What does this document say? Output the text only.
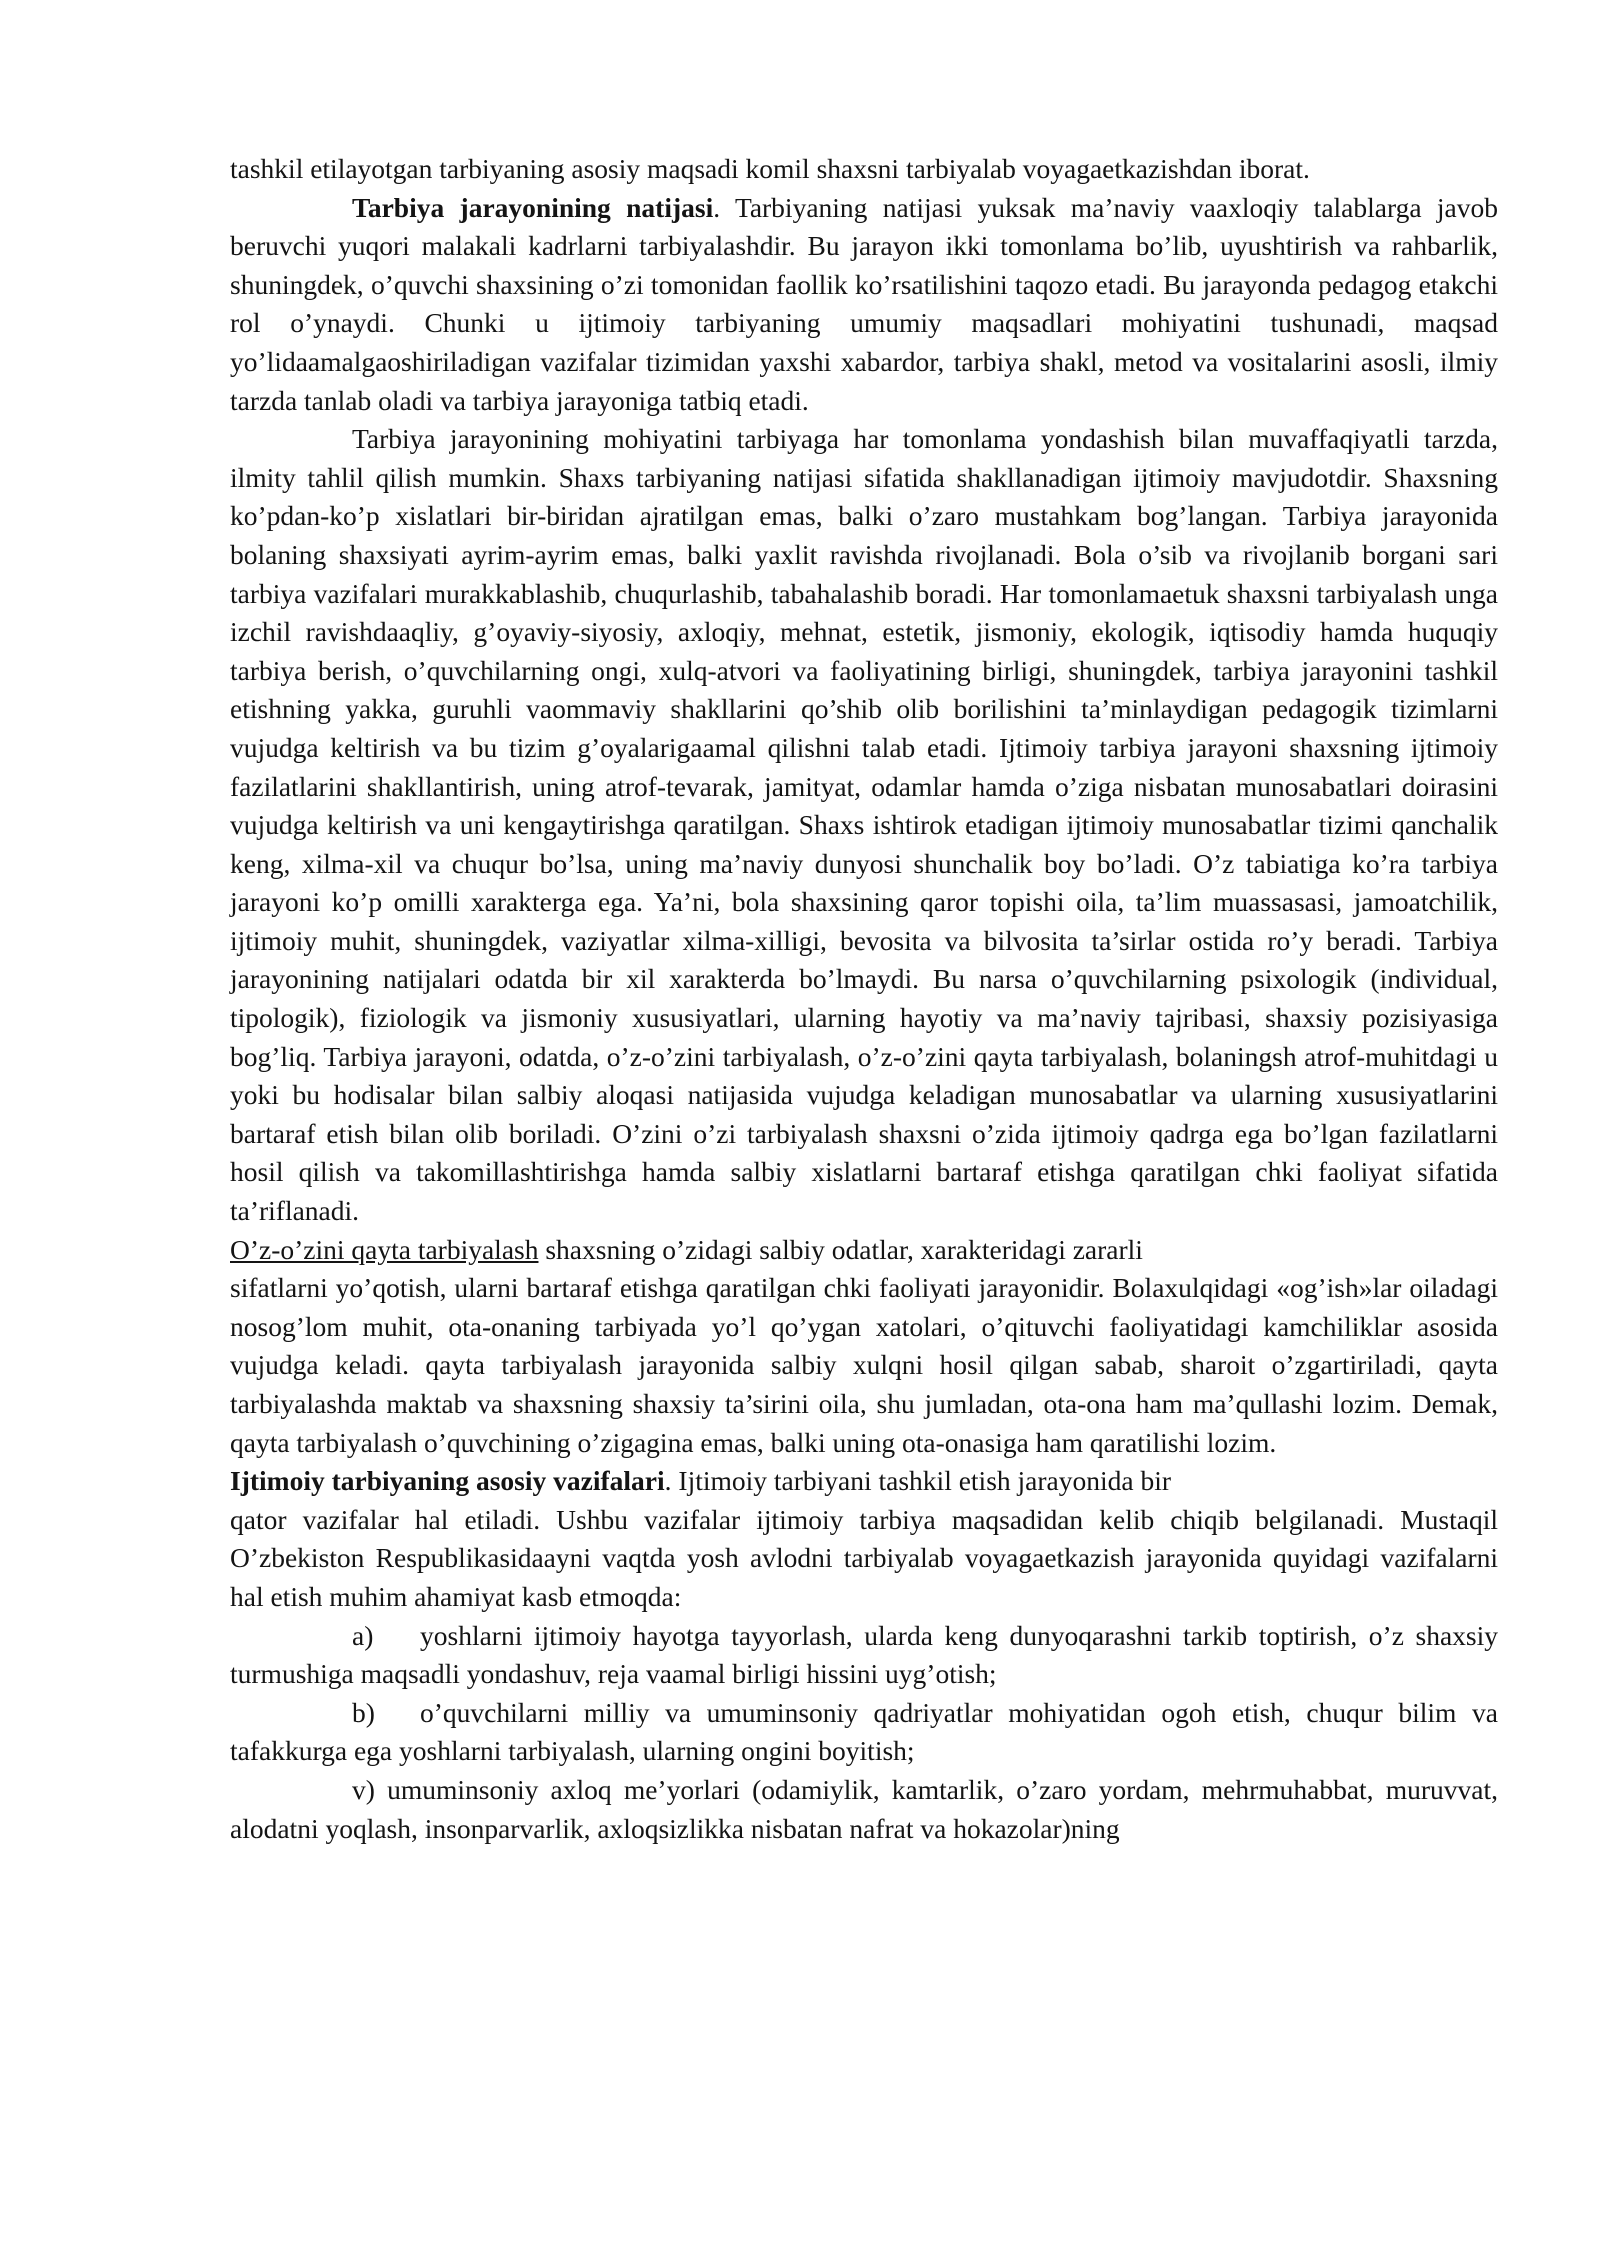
tashkil etilayotgan tarbiyaning asosiy maqsadi komil shaxsni tarbiyalab voyagaetkazishdan iborat.

Tarbiya jarayonining natijasi. Tarbiyaning natijasi yuksak ma’naviy vaaxloqiy talablarga javob beruvchi yuqori malakali kadrlarni tarbiyalashdir. Bu jarayon ikki tomonlama bo’lib, uyushtirish va rahbarlik, shuningdek, o’quvchi shaxsining o’zi tomonidan faollik ko’rsatilishini taqozo etadi. Bu jarayonda pedagog etakchi rol o’ynaydi. Chunki u ijtimoiy tarbiyaning umumiy maqsadlari mohiyatini tushunadi, maqsad yo’lidaamalgaoshiriladigan vazifalar tizimidan yaxshi xabardor, tarbiya shakl, metod va vositalarini asosli, ilmiy tarzda tanlab oladi va tarbiya jarayoniga tatbiq etadi.

Tarbiya jarayonining mohiyatini tarbiyaga har tomonlama yondashish bilan muvaffaqiyatli tarzda, ilmity tahlil qilish mumkin. Shaxs tarbiyaning natijasi sifatida shakllanadigan ijtimoiy mavjudotdir. Shaxsning ko’pdan-ko’p xislatlari bir-biridan ajratilgan emas, balki o’zaro mustahkam bog’langan. Tarbiya jarayonida bolaning shaxsiyati ayrim-ayrim emas, balki yaxlit ravishda rivojlanadi. Bola o’sib va rivojlanib borgani sari tarbiya vazifalari murakkablashib, chuqurlashib, tabahalashib boradi. Har tomonlamaetuk shaxsni tarbiyalash unga izchil ravishdaaqliy, g’oyaviy-siyosiy, axloqiy, mehnat, estetik, jismoniy, ekologik, iqtisodiy hamda huquqiy tarbiya berish, o’quvchilarning ongi, xulq-atvori va faoliyatining birligi, shuningdek, tarbiya jarayonini tashkil etishning yakka, guruhli vaommaviy shakllarini qo’shib olib borilishini ta’minlaydigan pedagogik tizimlarni vujudga keltirish va bu tizim g’oyalarigaamal qilishni talab etadi. Ijtimoiy tarbiya jarayoni shaxsning ijtimoiy fazilatlarini shakllantirish, uning atrof-tevarak, jamityat, odamlar hamda o’ziga nisbatan munosabatlari doirasini vujudga keltirish va uni kengaytirishga qaratilgan. Shaxs ishtirok etadigan ijtimoiy munosabatlar tizimi qanchalik keng, xilma-xil va chuqur bo’lsa, uning ma’naviy dunyosi shunchalik boy bo’ladi. O’z tabiatiga ko’ra tarbiya jarayoni ko’p omilli xarakterga ega. Ya’ni, bola shaxsining qaror topishi oila, ta’lim muassasasi, jamoatchilik, ijtimoiy muhit, shuningdek, vaziyatlar xilma-xilligi, bevosita va bilvosita ta’sirlar ostida ro’y beradi. Tarbiya jarayonining natijalari odatda bir xil xarakterda bo’lmaydi. Bu narsa o’quvchilarning psixologik (individual, tipologik), fiziologik va jismoniy xususiyatlari, ularning hayotiy va ma’naviy tajribasi, shaxsiy pozisiyasiga bog’liq. Tarbiya jarayoni, odatda, o’z-o’zini tarbiyalash, o’z-o’zini qayta tarbiyalash, bolaningsh atrof-muhitdagi u yoki bu hodisalar bilan salbiy aloqasi natijasida vujudga keladigan munosabatlar va ularning xususiyatlarini bartaraf etish bilan olib boriladi. O’zini o’zi tarbiyalash shaxsni o’zida ijtimoiy qadrga ega bo’lgan fazilatlarni hosil qilish va takomillashtirishga hamda salbiy xislatlarni bartaraf etishga qaratilgan chki faoliyat sifatida ta’riflanadi.

O’z-o’zini qayta tarbiyalash shaxsning o’zidagi salbiy odatlar, xarakteridagi zararli

sifatlarni yo’qotish, ularni bartaraf etishga qaratilgan chki faoliyati jarayonidir. Bolaxulqidagi «og’ish»lar oiladagi nosog’lom muhit, ota-onaning tarbiyada yo’l qo’ygan xatolari, o’qituvchi faoliyatidagi kamchiliklar asosida vujudga keladi. qayta tarbiyalash jarayonida salbiy xulqni hosil qilgan sabab, sharoit o’zgartiriladi, qayta tarbiyalashda maktab va shaxsning shaxsiy ta’sirini oila, shu jumladan, ota-ona ham ma’qullashi lozim. Demak, qayta tarbiyalash o’quvchining o’zigagina emas, balki uning ota-onasiga ham qaratilishi lozim.

Ijtimoiy tarbiyaning asosiy vazifalari. Ijtimoiy tarbiyani tashkil etish jarayonida bir

qator vazifalar hal etiladi. Ushbu vazifalar ijtimoiy tarbiya maqsadidan kelib chiqib belgilanadi. Mustaqil O’zbekiston Respublikasidaayni vaqtda yosh avlodni tarbiyalab voyagaetkazish jarayonida quyidagi vazifalarni hal etish muhim ahamiyat kasb etmoqda:

a) yoshlarni ijtimoiy hayotga tayyorlash, ularda keng dunyoqarashni tarkib toptirish, o’z shaxsiy turmushiga maqsadli yondashuv, reja vaamal birligi hissini uyg’otish;

b) o’quvchilarni milliy va umuminsoniy qadriyatlar mohiyatidan ogoh etish, chuqur bilim va tafakkurga ega yoshlarni tarbiyalash, ularning ongini boyitish;

v) umuminsoniy axloq me’yorlari (odamiylik, kamtarlik, o’zaro yordam, mehrmuhabbat, muruvvat, alodatni yoqlash, insonparvarlik, axloqsizlikka nisbatan nafrat va hokazolar)ning
